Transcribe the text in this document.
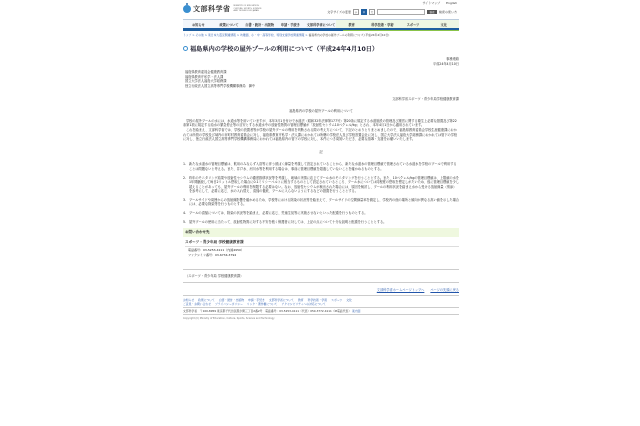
文部科学省 MINISTRY OF EDUCATION, CULTURE, SPORTS, SCIENCE AND TECHNOLOGY-JAPAN
サイトマップ English
文字サイズの変更	小	中	大	検索	検索の使い方
お知らせ	政策について	白書・統計・出版物	申請・手続き	文部科学省について	教育	科学技術・学術	スポーツ	文化
トップ > その他 > 東日本大震災関連情報 > 幼稚園、小・中・高等学校、特別支援学校関連情報 > 福島県内の学校の屋外プールの利用について(平成24年4月10日)
福島県内の学校の屋外プールの利用について（平成24年4月10日）
事務連絡
平成24年4月10日
福島県教育委員会健康教育課
福島県教育庁私学・法人課
国立大学法人福島大学総務課
独立行政法人国立高等専門学校機構事務局　御中
文部科学省スポーツ・青少年局学校健康教育課
福島県内の学校の屋外プールの利用について

学校の屋外プールの水には、水道水等を用いていますが、本年3月1日付けで水道法（昭和32年法律第177号）第20条に規定する水道施設の管理及び運営に関する衛生上必要な措置及び第22条第1項に規定する給水の緊急停止等の目安とする水道水中の放射性物質の管理目標値が「放射性セシウム10ベクレル/kg」とされ、本年4月1日から適用されています。

これを踏まえ、文部科学省では、学校の設置者等が学校の屋外プールの利用を判断される際の考え方について、下記のとおりとりまとめましたので、福島県教育委員会学校生涯健康課におかれては所管の学校及び域内の市町村教育委員会に対し、福島県教育庁私学・法人課におかれては所轄の学校法人及び学校設置会社に対し、国立大学法人福島大学総務課におかれては管下の学校に対し、独立行政法人国立高等専門学校機構事務局におかれては福島県内の管下の学校に対し、本件につき周知いただき、必要な指導・支援をお願いいたします。

記
1. 新たな水道水の管理目標値は、飲用のみならず入浴等に伴う被ばく線量を考慮して設定されていることから、新たな水道水の管理目標値で管理されている水道水を学校のプールで利用することは問題ないと考える。また、井戸水、河川水等を利用する場合は、事前に管理目標値を超過していないことを確かめるものとする。
2. 昨年のモニタリング結果や放射性セシウムの濃度推移状況等を考慮し、地域の実情に応じてプール水のモニタリングを行うこととする。また、10ベクレル/kgの管理目標値は、上限値の水を1年間継続して毎日2リットル摂取した場合に0.1ミリシーベルトに相当するものとして設定されているところ、プール水については同程度の摂取を想定しがたいため、仮に管理目標値を少し超えることがあっても、屋外プールの利用を制限する必要はない。なお、放射性セシウムが検出された場合には、原因を検討し、プールの利用状況を踏まえ水から受ける放射線量（別添）を参考にして、必要に応じ、水の入れ替え、清掃の徹底、プールに入らないようにするなどの措置を行うこととする。
3. プールサイドや周囲からの放射線影響を確かめるため、学校等における除染の状況等を踏まえて、プールサイドの空間線量率を測定し、学校内の他の場所と傾向が異なる高い値を示した場合には、必要な除染等を行うものとする。
4. プールの清掃については、除染の状況等を踏まえ、必要に応じ、児童生徒等に実施させないといった配慮を行うものとする。
5. 屋外プールの使用に当たって、放射性物質に対する不安を抱く保護者に対しては、上記の点について十分な説明と配慮を行うこととする。
お問い合わせ先
スポーツ・青少年局 学校健康教育課
電話番号：03-5253-4111（内線4950）
ファクシミリ番号：03-6734-3794
（スポーツ・青少年局 学校健康教育課）
文部科学省ホームページトップへ ページの先頭に戻る
お知らせ 政策について 白書・統計・出版物 申請・手続き 文部科学省について 教育 科学技術・学術 スポーツ 文化
ご意見・お問い合わせ プライバシーポリシー リンク・著作権について アクセシビリティへの対応について
文部科学省　〒100-8959 東京都千代田区霞が関三丁目2番2号　電話番号：03-5253-4111（代表）050-3772-4111（IP電話代表） 案内図
Copyright (C) Ministry of Education, Culture, Sports, Science and Technology
